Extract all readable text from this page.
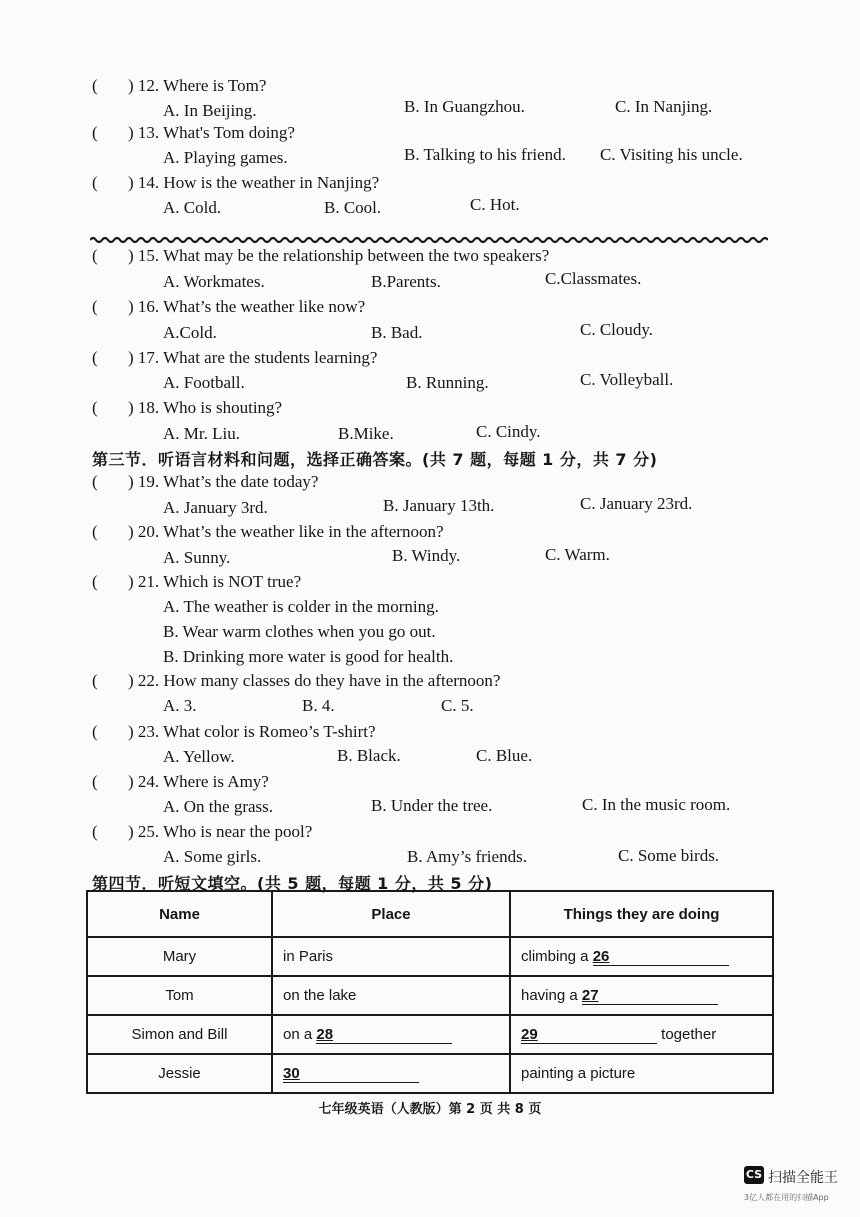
( ) 12. Where is Tom?
A. In Beijing.	B. In Guangzhou.	C. In Nanjing.
( ) 13. What's Tom doing?
A. Playing games.	B. Talking to his friend. C. Visiting his uncle.
( ) 14. How is the weather in Nanjing?
A. Cold.	B. Cool.	C. Hot.
( ) 15. What may be the relationship between the two speakers?
A. Workmates.	B.Parents.	C.Classmates.
( ) 16. What’s the weather like now?
A.Cold.	B. Bad.	C. Cloudy.
( ) 17. What are the students learning?
A. Football.	B. Running.	C. Volleyball.
( ) 18. Who is shouting?
A. Mr. Liu.	B.Mike.	C. Cindy.
第三节．听语言材料和问题，选择正确答案。(共 7 题，每题 1 分，共 7 分)
( ) 19. What’s the date today?
A. January 3rd.	B. January 13th.	C. January 23rd.
( ) 20. What’s the weather like in the afternoon?
A. Sunny.	B. Windy.	C. Warm.
( ) 21. Which is NOT true?
A. The weather is colder in the morning.
B. Wear warm clothes when you go out.
B. Drinking more water is good for health.
( ) 22. How many classes do they have in the afternoon?
A. 3.	B. 4.	C. 5.
( ) 23. What color is Romeo’s T-shirt?
A. Yellow.	B. Black.	C. Blue.
( ) 24. Where is Amy?
A. On the grass.	B. Under the tree.	C. In the music room.
( ) 25. Who is near the pool?
A. Some girls.	B. Amy’s friends.	C. Some birds.
第四节．听短文填空。(共 5 题，每题 1 分，共 5 分)
Name	Place	Things they are doing
Mary	in Paris	climbing a 26
Tom	on the lake	having a 27
Simon and Bill	on a 28	29 together
Jessie	30	painting a picture
七年级英语（人教版）第 2 页 共 8 页
CS 扫描全能王
3亿人都在用的扫描App
